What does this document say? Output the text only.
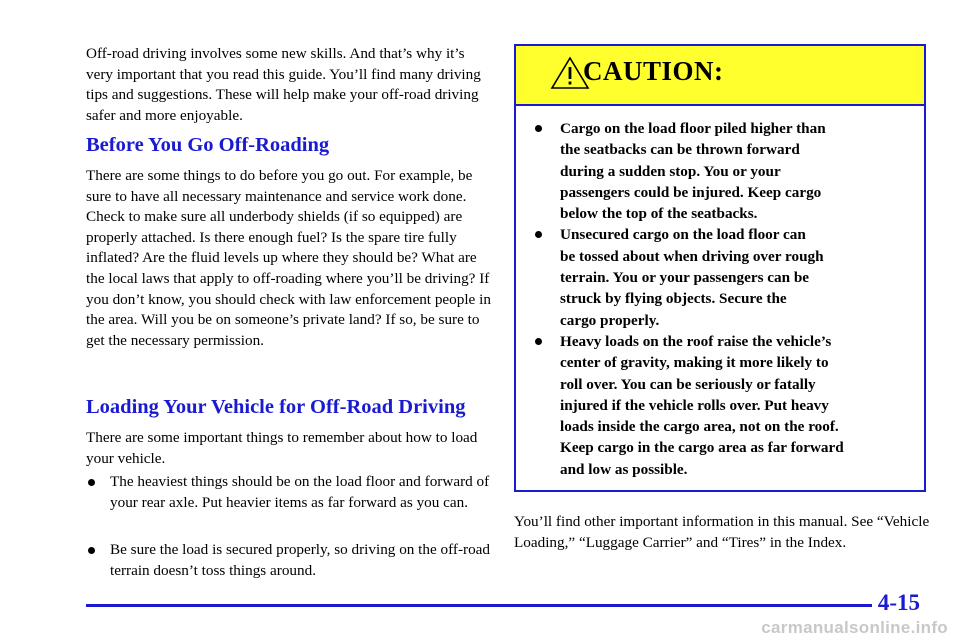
Off-road driving involves some new skills. And that’s why it’s very important that you read this guide. You’ll find many driving tips and suggestions. These will help make your off-road driving safer and more enjoyable.

Before You Go Off-Roading

There are some things to do before you go out. For example, be sure to have all necessary maintenance and service work done. Check to make sure all underbody shields (if so equipped) are properly attached. Is there enough fuel? Is the spare tire fully inflated? Are the fluid levels up where they should be? What are the local laws that apply to off-roading where you’ll be driving? If you don’t know, you should check with law enforcement people in the area. Will you be on someone’s private land? If so, be sure to get the necessary permission.

Loading Your Vehicle for Off-Road Driving

There are some important things to remember about how to load your vehicle.

The heaviest things should be on the load floor and forward of your rear axle. Put heavier items as far forward as you can.
Be sure the load is secured properly, so driving on the off-road terrain doesn’t toss things around.
CAUTION:
Cargo on the load floor piled higher than
the seatbacks can be thrown forward
during a sudden stop. You or your
passengers could be injured. Keep cargo
below the top of the seatbacks.
Unsecured cargo on the load floor can
be tossed about when driving over rough
terrain. You or your passengers can be
struck by flying objects. Secure the
cargo properly.
Heavy loads on the roof raise the vehicle’s
center of gravity, making it more likely to
roll over. You can be seriously or fatally
injured if the vehicle rolls over. Put heavy
loads inside the cargo area, not on the roof.
Keep cargo in the cargo area as far forward
and low as possible.

You’ll find other important information in this manual. See “Vehicle Loading,” “Luggage Carrier” and “Tires” in the Index.

4-15
carmanualsonline.info
